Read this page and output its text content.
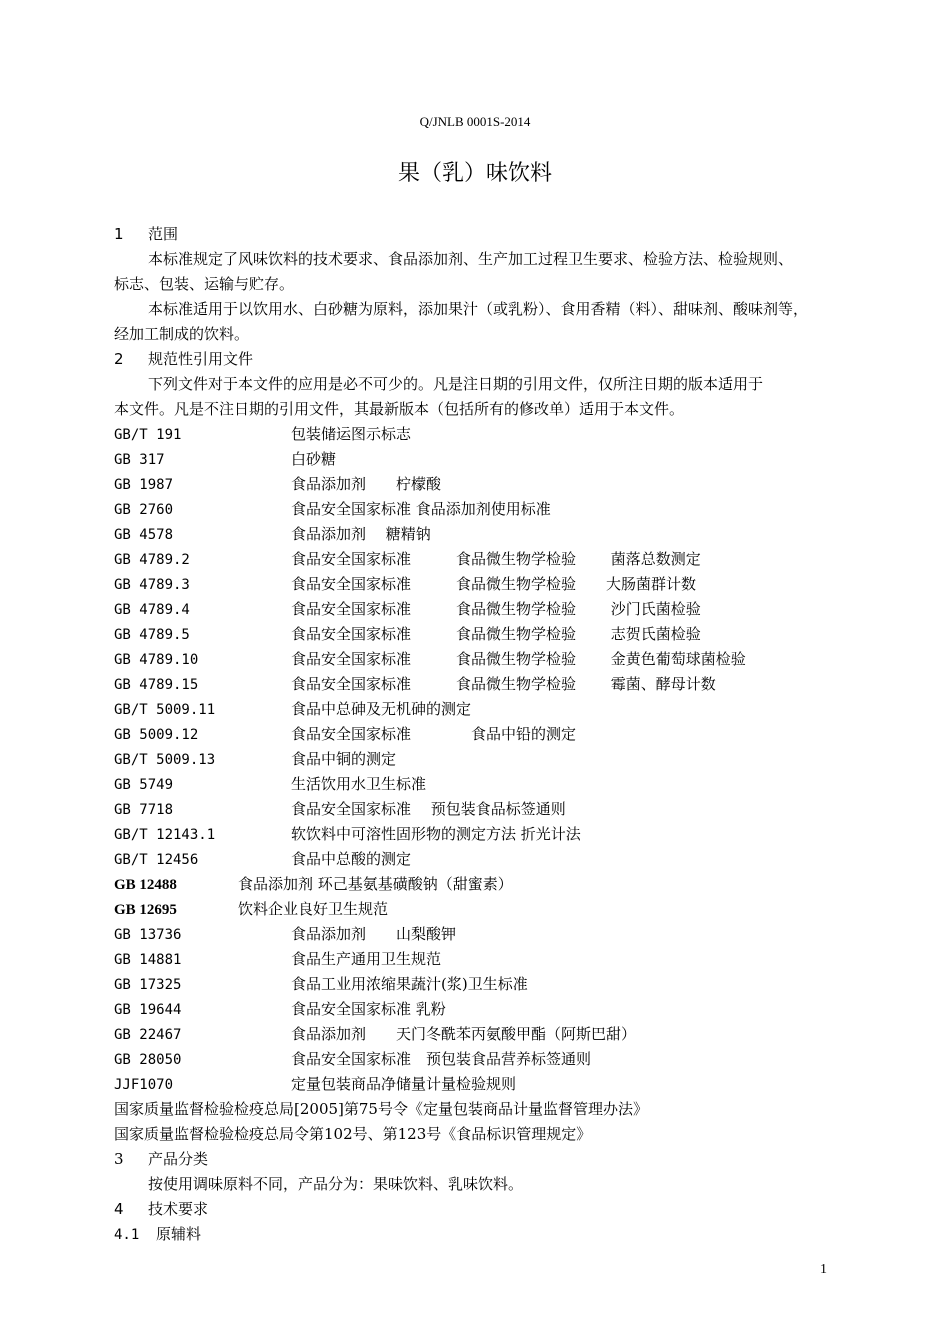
Q/JNLB 0001S-2014
果（乳）味饮料
1 范围
本标准规定了风味饮料的技术要求、食品添加剂、生产加工过程卫生要求、检验方法、检验规则、
标志、包装、运输与贮存。
本标准适用于以饮用水、白砂糖为原料，添加果汁（或乳粉）、食用香精（料）、甜味剂、酸味剂等，
经加工制成的饮料。
2 规范性引用文件
下列文件对于本文件的应用是必不可少的。凡是注日期的引用文件，仅所注日期的版本适用于
本文件。凡是不注日期的引用文件，其最新版本（包括所有的修改单）适用于本文件。
GB/T 191	包装储运图示标志
GB 317	白砂糖
GB 1987	食品添加剂　　柠檬酸
GB 2760	食品安全国家标准 食品添加剂使用标准
GB 4578	食品添加剂　 糖精钠
GB 4789.2	食品安全国家标准　　　食品微生物学检验　　 菌落总数测定
GB 4789.3	食品安全国家标准　　　食品微生物学检验　　大肠菌群计数
GB 4789.4	食品安全国家标准　　　食品微生物学检验　　 沙门氏菌检验
GB 4789.5	食品安全国家标准　　　食品微生物学检验　　 志贺氏菌检验
GB 4789.10	食品安全国家标准　　　食品微生物学检验　　 金黄色葡萄球菌检验
GB 4789.15	食品安全国家标准　　　食品微生物学检验　　 霉菌、酵母计数
GB/T 5009.11	食品中总砷及无机砷的测定
GB 5009.12	食品安全国家标准　　　　食品中铅的测定
GB/T 5009.13	食品中铜的测定
GB 5749	生活饮用水卫生标准
GB 7718	食品安全国家标准　 预包装食品标签通则
GB/T 12143.1	软饮料中可溶性固形物的测定方法 折光计法
GB/T 12456	食品中总酸的测定
GB 12488	食品添加剂 环己基氨基磺酸钠（甜蜜素）
GB 12695	饮料企业良好卫生规范
GB 13736	食品添加剂　　山梨酸钾
GB 14881	食品生产通用卫生规范
GB 17325	食品工业用浓缩果蔬汁(浆)卫生标准
GB 19644	食品安全国家标准 乳粉
GB 22467	食品添加剂　　天门冬酰苯丙氨酸甲酯（阿斯巴甜）
GB 28050	食品安全国家标准　预包装食品营养标签通则
JJF1070	定量包装商品净储量计量检验规则
国家质量监督检验检疫总局[2005]第75号令《定量包装商品计量监督管理办法》
国家质量监督检验检疫总局令第102号、第123号《食品标识管理规定》
3 产品分类
按使用调味原料不同，产品分为：果味饮料、乳味饮料。
4 技术要求
4.1 原辅料
1
